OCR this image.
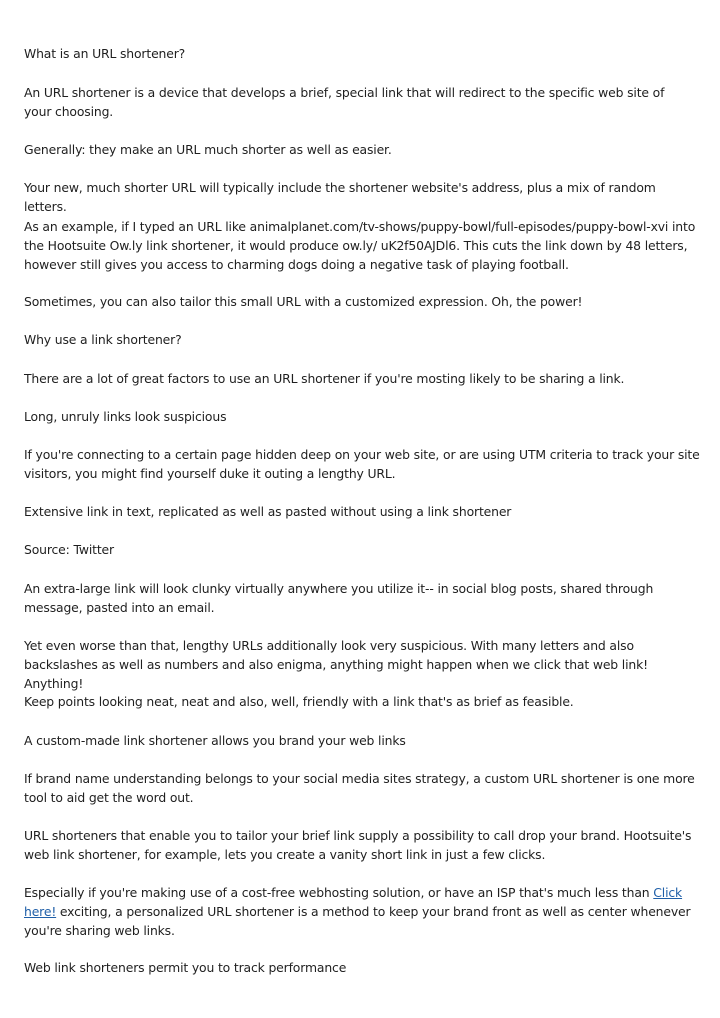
What is an URL shortener?

An URL shortener is a device that develops a brief, special link that will redirect to the specific web site of your choosing.

Generally: they make an URL much shorter as well as easier.

Your new, much shorter URL will typically include the shortener website's address, plus a mix of random letters.

As an example, if I typed an URL like animalplanet.com/tv-shows/puppy-bowl/full-episodes/puppy-bowl-xvi into the Hootsuite Ow.ly link shortener, it would produce ow.ly/ uK2f50AJDl6. This cuts the link down by 48 letters, however still gives you access to charming dogs doing a negative task of playing football.

Sometimes, you can also tailor this small URL with a customized expression. Oh, the power!

Why use a link shortener?

There are a lot of great factors to use an URL shortener if you're mosting likely to be sharing a link.

Long, unruly links look suspicious

If you're connecting to a certain page hidden deep on your web site, or are using UTM criteria to track your site visitors, you might find yourself duke it outing a lengthy URL.

Extensive link in text, replicated as well as pasted without using a link shortener

Source: Twitter

An extra-large link will look clunky virtually anywhere you utilize it-- in social blog posts, shared through message, pasted into an email.

Yet even worse than that, lengthy URLs additionally look very suspicious. With many letters and also backslashes as well as numbers and also enigma, anything might happen when we click that web link! Anything!

Keep points looking neat, neat and also, well, friendly with a link that's as brief as feasible.

A custom-made link shortener allows you brand your web links

If brand name understanding belongs to your social media sites strategy, a custom URL shortener is one more tool to aid get the word out.

URL shorteners that enable you to tailor your brief link supply a possibility to call drop your brand. Hootsuite's web link shortener, for example, lets you create a vanity short link in just a few clicks.

Especially if you're making use of a cost-free webhosting solution, or have an ISP that's much less than Click here! exciting, a personalized URL shortener is a method to keep your brand front as well as center whenever you're sharing web links.

Web link shorteners permit you to track performance
